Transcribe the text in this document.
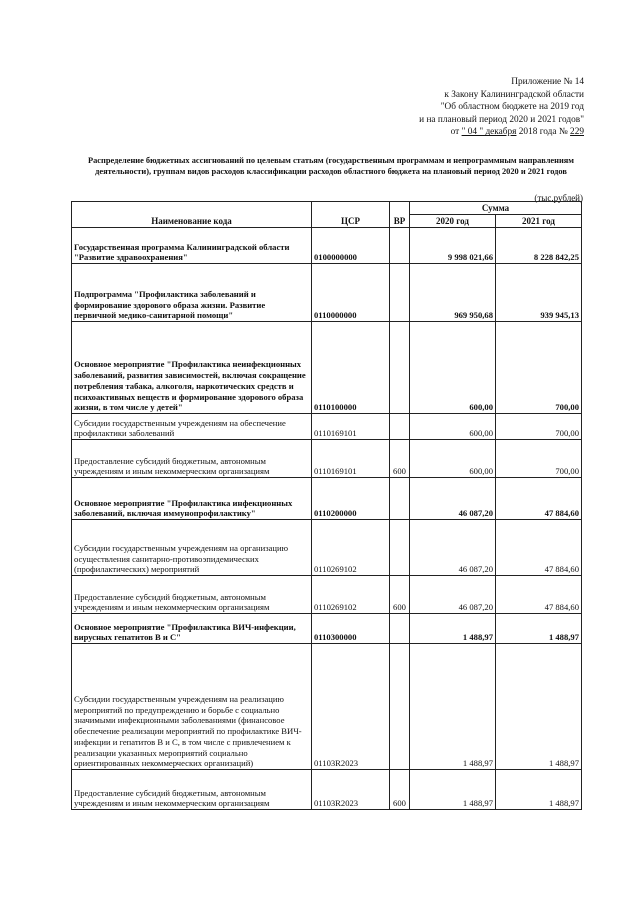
Приложение № 14
к Закону Калининградской области
"Об областном бюджете на 2019 год
и на плановый период 2020 и 2021 годов"
от " 04 " декабря 2018 года № 229
Распределение бюджетных ассигнований по целевым статьям (государственным программам и непрограммным направлениям деятельности), группам видов расходов классификации расходов областного бюджета на плановый период 2020 и 2021 годов
(тыс.рублей)
Наименование кода	ЦСР	ВР	Сумма	
			2020 год	2021 год
Государственная программа Калининградской области "Развитие здравоохранения"	0100000000		9 998 021,66	8 228 842,25
Подпрограмма "Профилактика заболеваний и формирование здорового образа жизни. Развитие первичной медико-санитарной помощи"	0110000000		969 950,68	939 945,13
Основное мероприятие "Профилактика неинфекционных заболеваний, развития зависимостей, включая сокращение потребления табака, алкоголя, наркотических средств и психоактивных веществ и формирование здорового образа жизни, в том числе у детей"	0110100000		600,00	700,00
Субсидии государственным учреждениям на обеспечение профилактики заболеваний	0110169101		600,00	700,00
Предоставление субсидий бюджетным, автономным учреждениям и иным некоммерческим организациям	0110169101	600	600,00	700,00
Основное мероприятие "Профилактика инфекционных заболеваний, включая иммунопрофилактику"	0110200000		46 087,20	47 884,60
Субсидии государственным учреждениям на организацию осуществления санитарно-противоэпидемических (профилактических) мероприятий	0110269102		46 087,20	47 884,60
Предоставление субсидий бюджетным, автономным учреждениям и иным некоммерческим организациям	0110269102	600	46 087,20	47 884,60
Основное мероприятие "Профилактика ВИЧ-инфекции, вирусных гепатитов В и С"	0110300000		1 488,97	1 488,97
Субсидии государственным учреждениям на реализацию мероприятий по предупреждению и борьбе с социально значимыми инфекционными заболеваниями (финансовое обеспечение реализации мероприятий по профилактике ВИЧ-инфекции и гепатитов В и С, в том числе с привлечением к реализации указанных мероприятий социально ориентированных некоммерческих организаций)	01103R2023		1 488,97	1 488,97
Предоставление субсидий бюджетным, автономным учреждениям и иным некоммерческим организациям	01103R2023	600	1 488,97	1 488,97
